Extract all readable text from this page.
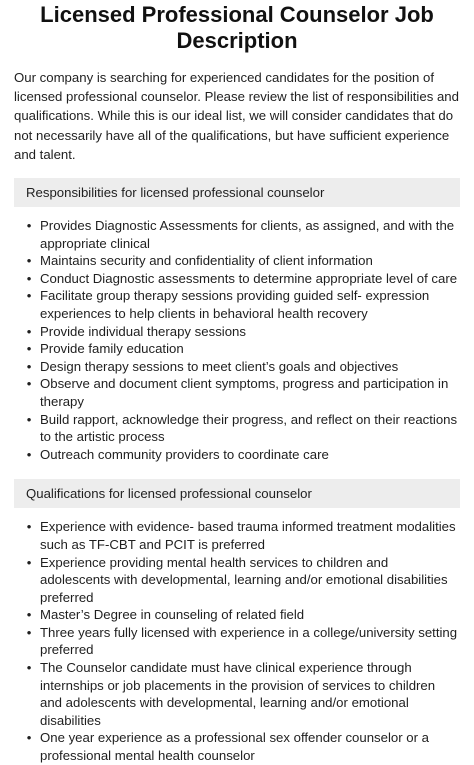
Licensed Professional Counselor Job Description

Our company is searching for experienced candidates for the position of licensed professional counselor. Please review the list of responsibilities and qualifications. While this is our ideal list, we will consider candidates that do not necessarily have all of the qualifications, but have sufficient experience and talent.

Responsibilities for licensed professional counselor
• Provides Diagnostic Assessments for clients, as assigned, and with the appropriate clinical
• Maintains security and confidentiality of client information
• Conduct Diagnostic assessments to determine appropriate level of care
• Facilitate group therapy sessions providing guided self- expression experiences to help clients in behavioral health recovery
• Provide individual therapy sessions
• Provide family education
• Design therapy sessions to meet client’s goals and objectives
• Observe and document client symptoms, progress and participation in therapy
• Build rapport, acknowledge their progress, and reflect on their reactions to the artistic process
• Outreach community providers to coordinate care
Qualifications for licensed professional counselor
• Experience with evidence- based trauma informed treatment modalities such as TF-CBT and PCIT is preferred
• Experience providing mental health services to children and adolescents with developmental, learning and/or emotional disabilities preferred
• Master’s Degree in counseling of related field
• Three years fully licensed with experience in a college/university setting preferred
• The Counselor candidate must have clinical experience through internships or job placements in the provision of services to children and adolescents with developmental, learning and/or emotional disabilities
• One year experience as a professional sex offender counselor or a professional mental health counselor
